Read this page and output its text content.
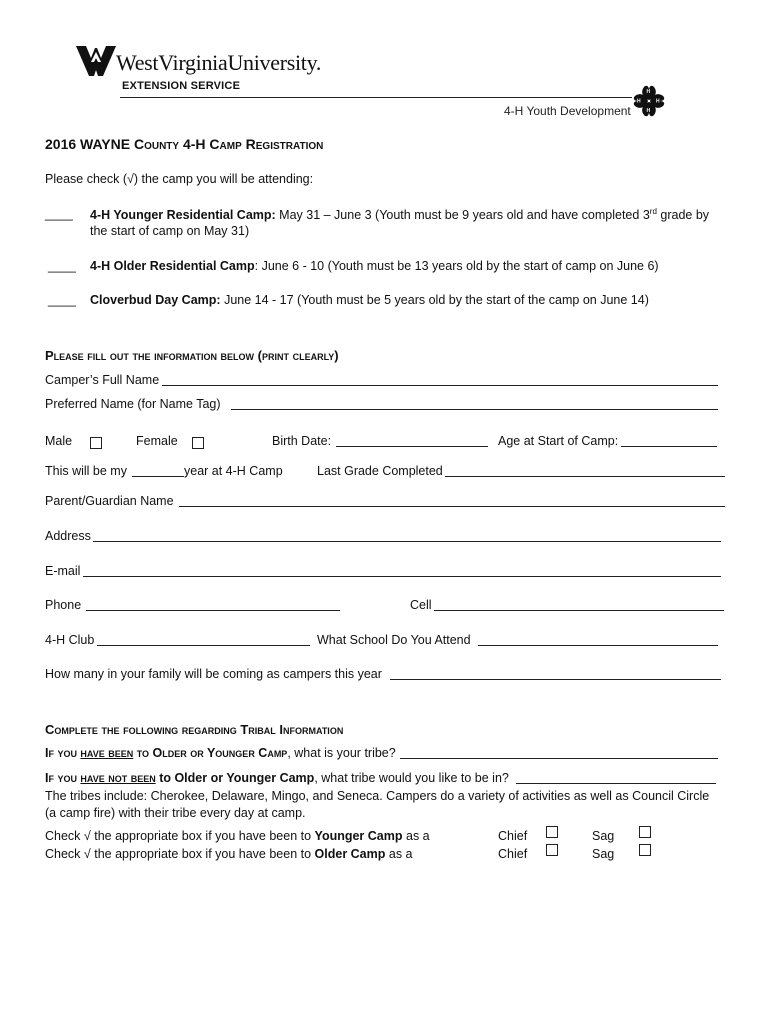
WestVirginiaUniversity.
EXTENSION SERVICE
4-H Youth Development
H
H
H
H
2016 WAYNE County 4-H Camp Registration
Please check (√) the camp you will be attending:
____ 4-H Younger Residential Camp: May 31 – June 3 (Youth must be 9 years old and have completed 3rd grade by
the start of camp on May 31)
____ 4-H Older Residential Camp: June 6 - 10 (Youth must be 13 years old by the start of camp on June 6)
____ Cloverbud Day Camp: June 14 - 17 (Youth must be 5 years old by the start of the camp on June 14)
Please fill out the information below (print clearly)
Camper’s Full Name
Preferred Name (for Name Tag)
Male	Female	Birth Date:	Age at Start of Camp:
This will be my	year at 4-H Camp	Last Grade Completed
Parent/Guardian Name
Address
E-mail
Phone	Cell
4-H Club	What School Do You Attend
How many in your family will be coming as campers this year
Complete the following regarding Tribal Information
If you have been to Older or Younger Camp, what is your tribe?
If you have not been to Older or Younger Camp, what tribe would you like to be in?
The tribes include: Cherokee, Delaware, Mingo, and Seneca. Campers do a variety of activities as well as Council Circle
(a camp fire) with their tribe every day at camp.
Check √ the appropriate box if you have been to Younger Camp as a	Chief	Sag
Check √ the appropriate box if you have been to Older Camp as a	Chief	Sag
